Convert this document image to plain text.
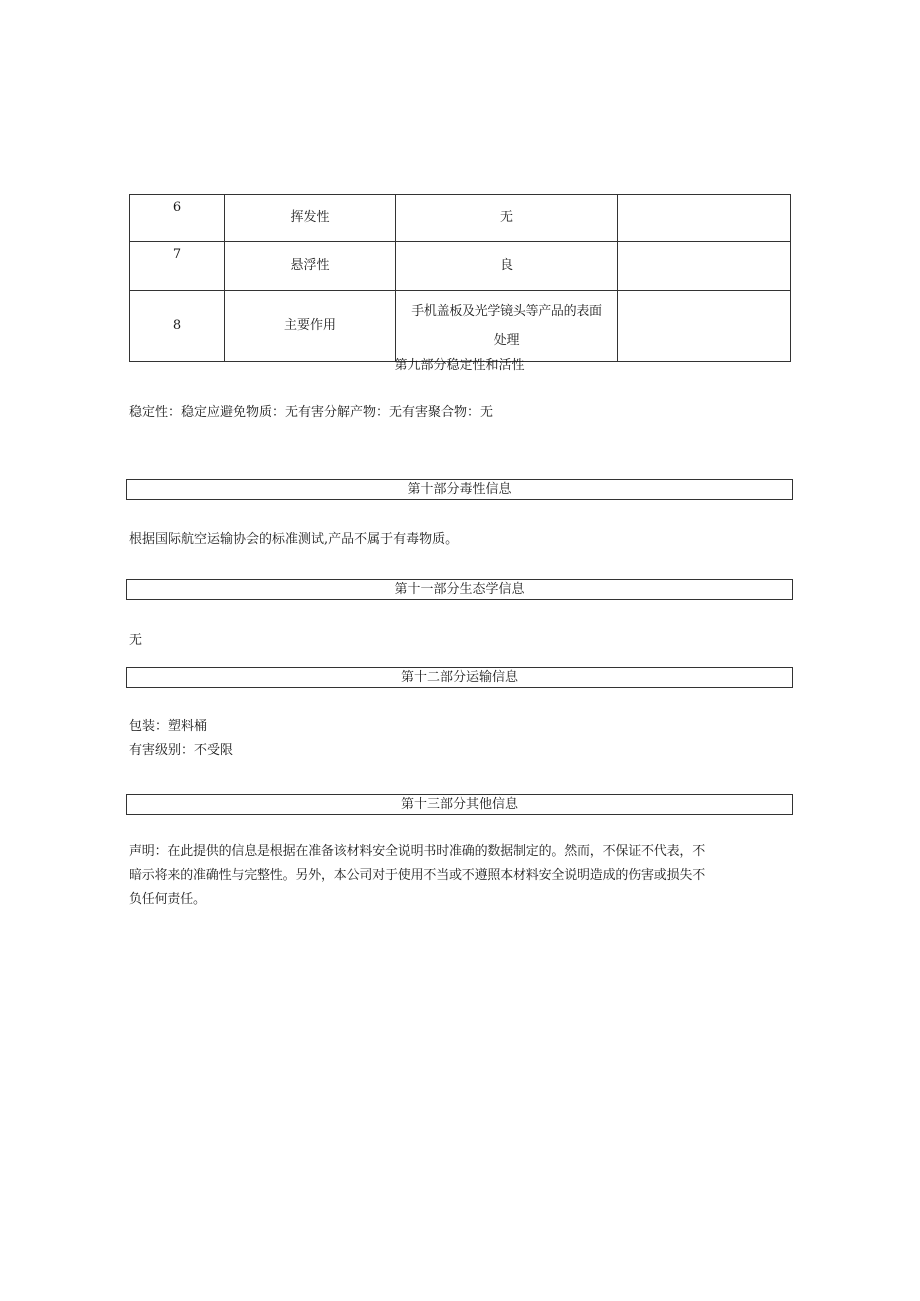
6	挥发性	无	
7	悬浮性	良	
8	主要作用	手机盖板及光学镜头等产品的表面
处理	

第九部分稳定性和活性
稳定性：稳定应避免物质：无有害分解产物：无有害聚合物：无
第十部分毒性信息
根据国际航空运输协会的标准测试,产品不属于有毒物质。
第十一部分生态学信息
无
第十二部分运输信息
包装：塑料桶
有害级别：不受限
第十三部分其他信息
声明：在此提供的信息是根据在准备该材料安全说明书时准确的数据制定的。然而，不保证不代表，不
暗示将来的准确性与完整性。另外，本公司对于使用不当或不遵照本材料安全说明造成的伤害或损失不
负任何责任。
